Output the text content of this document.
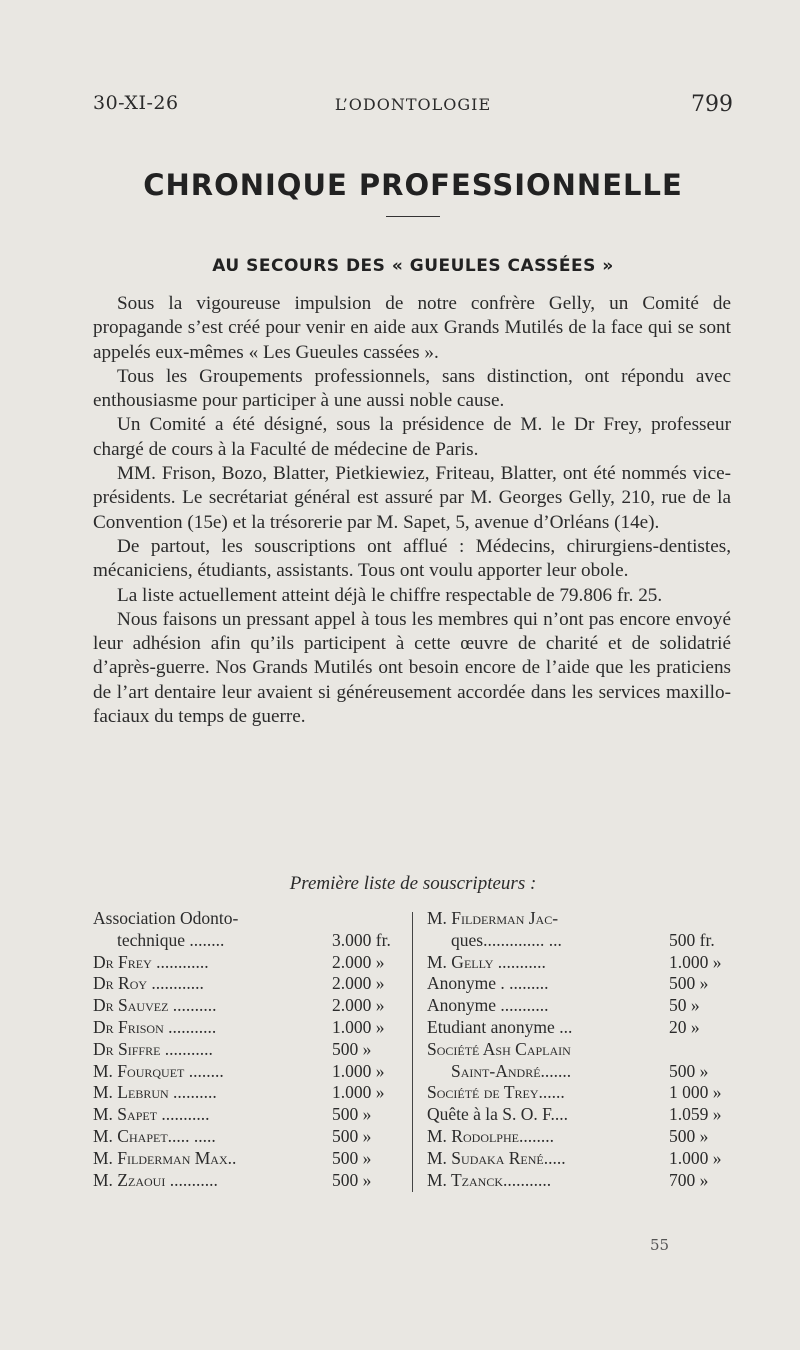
30-XI-26	L’ODONTOLOGIE	799
CHRONIQUE PROFESSIONNELLE
AU SECOURS DES « GUEULES CASSÉES »

Sous la vigoureuse impulsion de notre confrère Gelly, un Comité de propagande s’est créé pour venir en aide aux Grands Mutilés de la face qui se sont appelés eux-mêmes « Les Gueules cassées ».

Tous les Groupements professionnels, sans distinction, ont répondu avec enthousiasme pour participer à une aussi noble cause.

Un Comité a été désigné, sous la présidence de M. le Dr Frey, professeur chargé de cours à la Faculté de médecine de Paris.

MM. Frison, Bozo, Blatter, Pietkiewiez, Friteau, Blatter, ont été nommés vice-présidents. Le secrétariat général est assuré par M. Georges Gelly, 210, rue de la Convention (15e) et la trésorerie par M. Sapet, 5, avenue d’Orléans (14e).

De partout, les souscriptions ont afflué : Médecins, chirurgiens-dentistes, mécaniciens, étudiants, assistants. Tous ont voulu apporter leur obole.

La liste actuellement atteint déjà le chiffre respectable de 79.806 fr. 25.

Nous faisons un pressant appel à tous les membres qui n’ont pas encore envoyé leur adhésion afin qu’ils participent à cette œuvre de charité et de solidatrié d’après-guerre. Nos Grands Mutilés ont besoin encore de l’aide que les praticiens de l’art dentaire leur avaient si généreusement accordée dans les services maxillo-faciaux du temps de guerre.

Première liste de souscripteurs :
Association Odonto-
technique ........	3.000 fr.
Dr Frey ............	2.000 »
Dr Roy ............	2.000 »
Dr Sauvez ..........	2.000 »
Dr Frison ...........	1.000 »
Dr Siffre ...........	500 »
M. Fourquet ........	1.000 »
M. Lebrun ..........	1.000 »
M. Sapet ...........	500 »
M. Chapet..... .....	500 »
M. Filderman Max..	500 »
M. Zzaoui ...........	500 »
M. Filderman Jac-
ques.............. ...	500 fr.
M. Gelly ...........	1.000 »
Anonyme . .........	500 »
Anonyme ...........	50 »
Etudiant anonyme ...	20 »
Société Ash Caplain
Saint-André.......	500 »
Société de Trey......	1 000 »
Quête à la S. O. F....	1.059 »
M. Rodolphe........	500 »
M. Sudaka René.....	1.000 »
M. Tzanck...........	700 »
55
